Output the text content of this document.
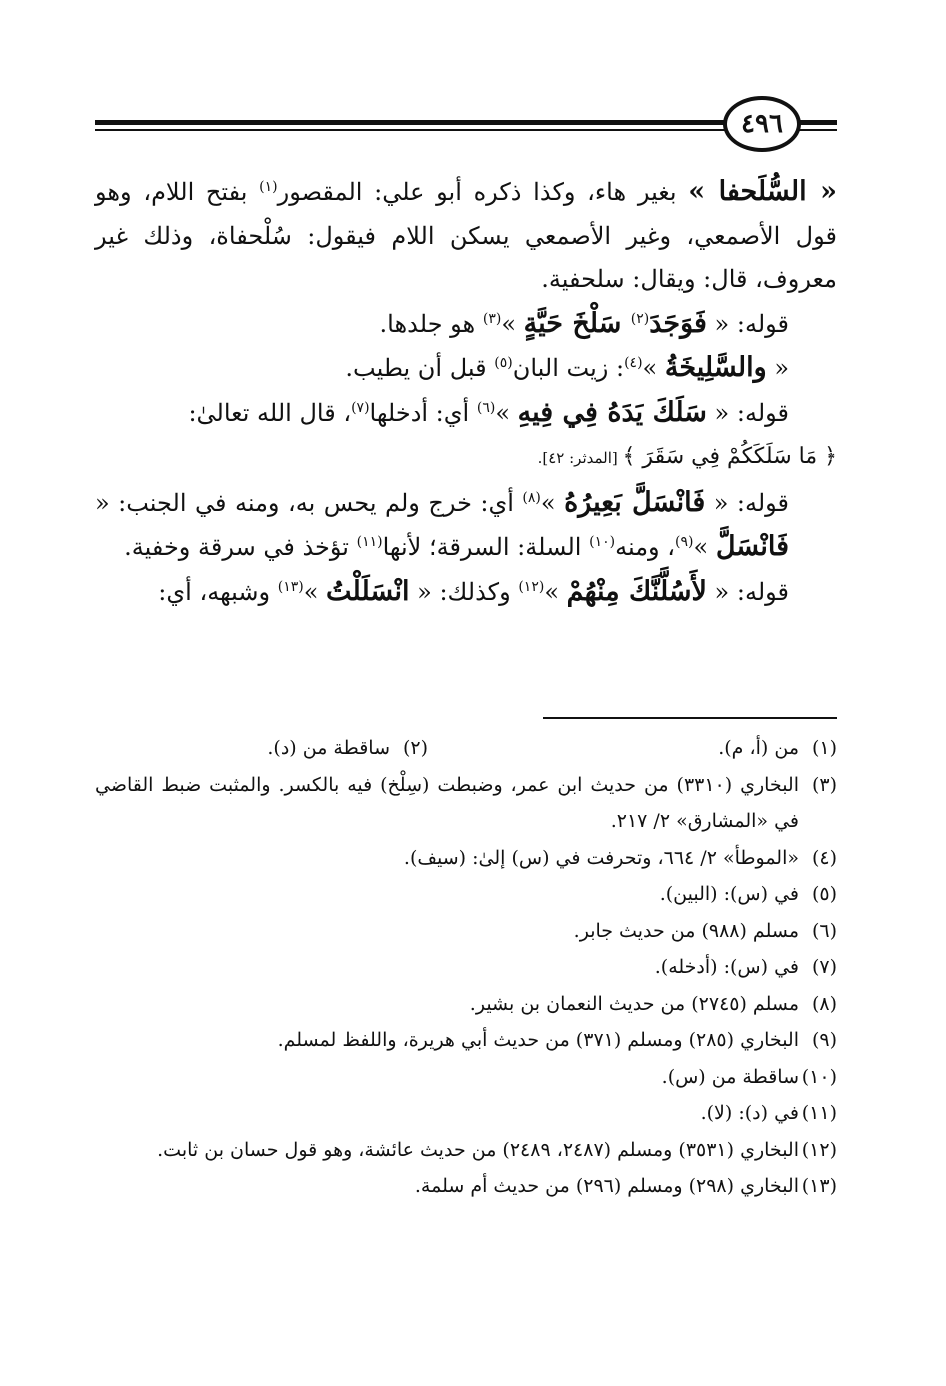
٤٩٦

« السُّلَحفا » بغير هاء، وكذا ذكره أبو علي: المقصور$^{(١)}$ بفتح اللام، وهو قول الأصمعي، وغير الأصمعي يسكن اللام فيقول: سُلْحفاة، وذلك غير معروف، قال: ويقال: سلحفية.

قوله: « فَوَجَدَ$^{(٢)}$ سَلْخَ حَيَّةٍ »$^{(٣)}$ هو جلدها.

« والسَّلِيخَةُ »$^{(٤)}$: زيت البان$^{(٥)}$ قبل أن يطيب.

قوله: « سَلَكَ يَدَهُ فِي فِيهِ »$^{(٦)}$ أي: أدخلها$^{(٧)}$، قال الله تعالىٰ:

﴿ مَا سَلَكَكُمْ فِي سَقَرَ ﴾ [المدثر: ٤٢].

قوله: « فَانْسَلَّ بَعِيرُهُ »$^{(٨)}$ أي: خرج ولم يحس به، ومنه في الجنب: « فَانْسَلَّ »$^{(٩)}$، ومنه$^{(١٠)}$ السلة: السرقة؛ لأنها$^{(١١)}$ تؤخذ في سرقة وخفية.

قوله: « لأَسُلَّنَّكَ مِنْهُمْ »$^{(١٢)}$ وكذلك: « انْسَلَلْتُ »$^{(١٣)}$ وشبهه، أي:

(١)
من (أ، م).
(٢)
ساقطة من (د).
(٣)
البخاري (٣٣١٠) من حديث ابن عمر، وضبطت (سِلْخ) فيه بالكسر. والمثبت ضبط القاضي في «المشارق» ٢/ ٢١٧.
(٤)
«الموطأ» ٢/ ٦٦٤، وتحرفت في (س) إلىٰ: (سيف).
(٥)
في (س): (البين).
(٦)
مسلم (٩٨٨) من حديث جابر.
(٧)
في (س): (أدخله).
(٨)
مسلم (٢٧٤٥) من حديث النعمان بن بشير.
(٩)
البخاري (٢٨٥) ومسلم (٣٧١) من حديث أبي هريرة، واللفظ لمسلم.
(١٠)
ساقطة من (س).
(١١)
في (د): (لا).
(١٢)
البخاري (٣٥٣١) ومسلم (٢٤٨٧، ٢٤٨٩) من حديث عائشة، وهو قول حسان بن ثابت.
(١٣)
البخاري (٢٩٨) ومسلم (٢٩٦) من حديث أم سلمة.
